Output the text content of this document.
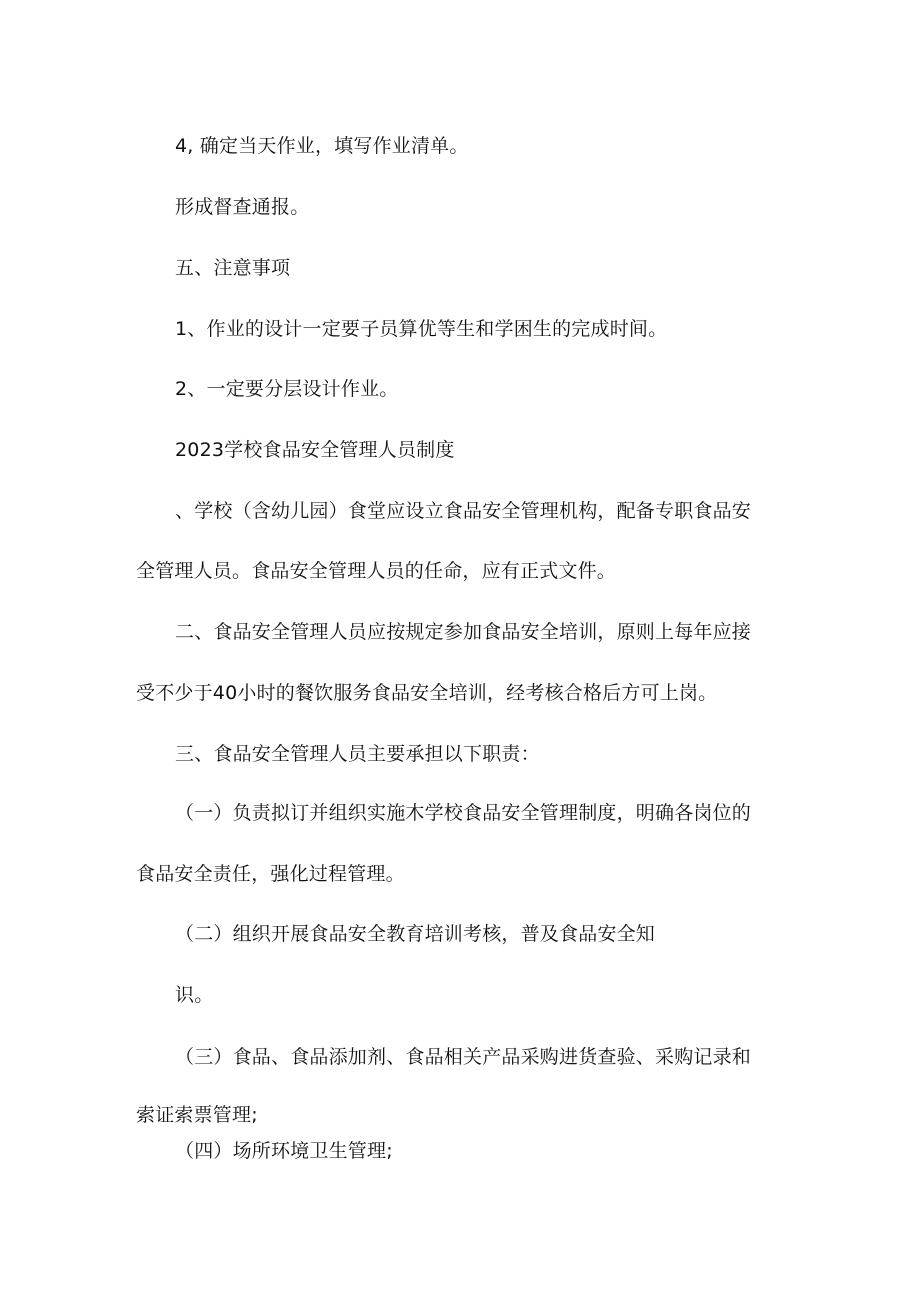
4, 确定当天作业，填写作业清单。

形成督查通报。

五、注意事项

1、作业的设计一定要子员算优等生和学困生的完成时间。

2、一定要分层设计作业。

2023学校食品安全管理人员制度

、学校（含幼儿园）食堂应设立食品安全管理机构，配备专职食品安

全管理人员。食品安全管理人员的任命，应有正式文件。

二、食品安全管理人员应按规定参加食品安全培训，原则上每年应接

受不少于40小时的餐饮服务食品安全培训，经考核合格后方可上岗。

三、食品安全管理人员主要承担以下职责：

（一）负责拟订并组织实施木学校食品安全管理制度，明确各岗位的

食品安全责任，强化过程管理。

（二）组织开展食品安全教育培训考核，普及食品安全知

识。

（三）食品、食品添加剂、食品相关产品采购进货查验、采购记录和

索证索票管理;

（四）场所环境卫生管理;
